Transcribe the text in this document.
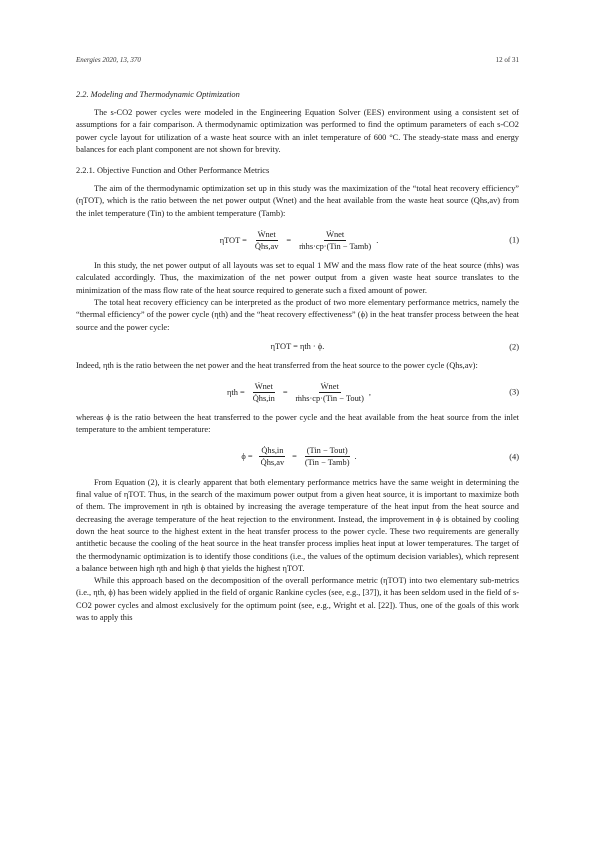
Energies 2020, 13, 370	12 of 31
2.2. Modeling and Thermodynamic Optimization

The s-CO2 power cycles were modeled in the Engineering Equation Solver (EES) environment using a consistent set of assumptions for a fair comparison. A thermodynamic optimization was performed to find the optimum parameters of each s-CO2 power cycle layout for utilization of a waste heat source with an inlet temperature of 600 °C. The steady-state mass and energy balances for each plant component are not shown for brevity.

2.2.1. Objective Function and Other Performance Metrics

The aim of the thermodynamic optimization set up in this study was the maximization of the “total heat recovery efficiency” (ηTOT), which is the ratio between the net power output (Wnet) and the heat available from the waste heat source (Qhs,av) from the inlet temperature (Tin) to the ambient temperature (Tamb):

$\eta TOT = \frac{\text{Ẇnet}}{Q̇hs,av} = \frac{\text{Ẇnet}}{\text{ṁhs·cp·(Tin − Tamb)}}$ .	(1)

In this study, the net power output of all layouts was set to equal 1 MW and the mass flow rate of the heat source (ṁhs) was calculated accordingly. Thus, the maximization of the net power output from a given waste heat source translates to the minimization of the mass flow rate of the heat source required to generate such a fixed amount of power.

The total heat recovery efficiency can be interpreted as the product of two more elementary performance metrics, namely the “thermal efficiency” of the power cycle (ηth) and the “heat recovery effectiveness” (ϕ) in the heat transfer process between the heat source and the power cycle:

ηTOT = ηth · ϕ.	(2)

Indeed, ηth is the ratio between the net power and the heat transferred from the heat source to the power cycle (Qhs,av):

$\eta th = \frac{\text{Ẇnet}}{Q̇hs,in} = \frac{\text{Ẇnet}}{\text{ṁhs·cp·(Tin − Tout)}}$ ,	(3)

whereas ϕ is the ratio between the heat transferred to the power cycle and the heat available from the heat source from the inlet temperature to the ambient temperature:

$\phi = \frac{Q̇hs,in}{Q̇hs,av} = \frac{\text{(Tin − Tout)}}{\text{(Tin − Tamb)}}$ .	(4)

From Equation (2), it is clearly apparent that both elementary performance metrics have the same weight in determining the final value of ηTOT. Thus, in the search of the maximum power output from a given heat source, it is important to maximize both of them. The improvement in ηth is obtained by increasing the average temperature of the heat input from the heat source and decreasing the average temperature of the heat rejection to the environment. Instead, the improvement in ϕ is obtained by cooling down the heat source to the highest extent in the heat transfer process to the power cycle. These two requirements are generally antithetic because the cooling of the heat source in the heat transfer process implies heat input at lower temperatures. The target of the thermodynamic optimization is to identify those conditions (i.e., the values of the optimum decision variables), which represent a balance between high ηth and high ϕ that yields the highest ηTOT.

While this approach based on the decomposition of the overall performance metric (ηTOT) into two elementary sub-metrics (i.e., ηth, ϕ) has been widely applied in the field of organic Rankine cycles (see, e.g., [37]), it has been seldom used in the field of s-CO2 power cycles and almost exclusively for the optimum point (see, e.g., Wright et al. [22]). Thus, one of the goals of this work was to apply this
